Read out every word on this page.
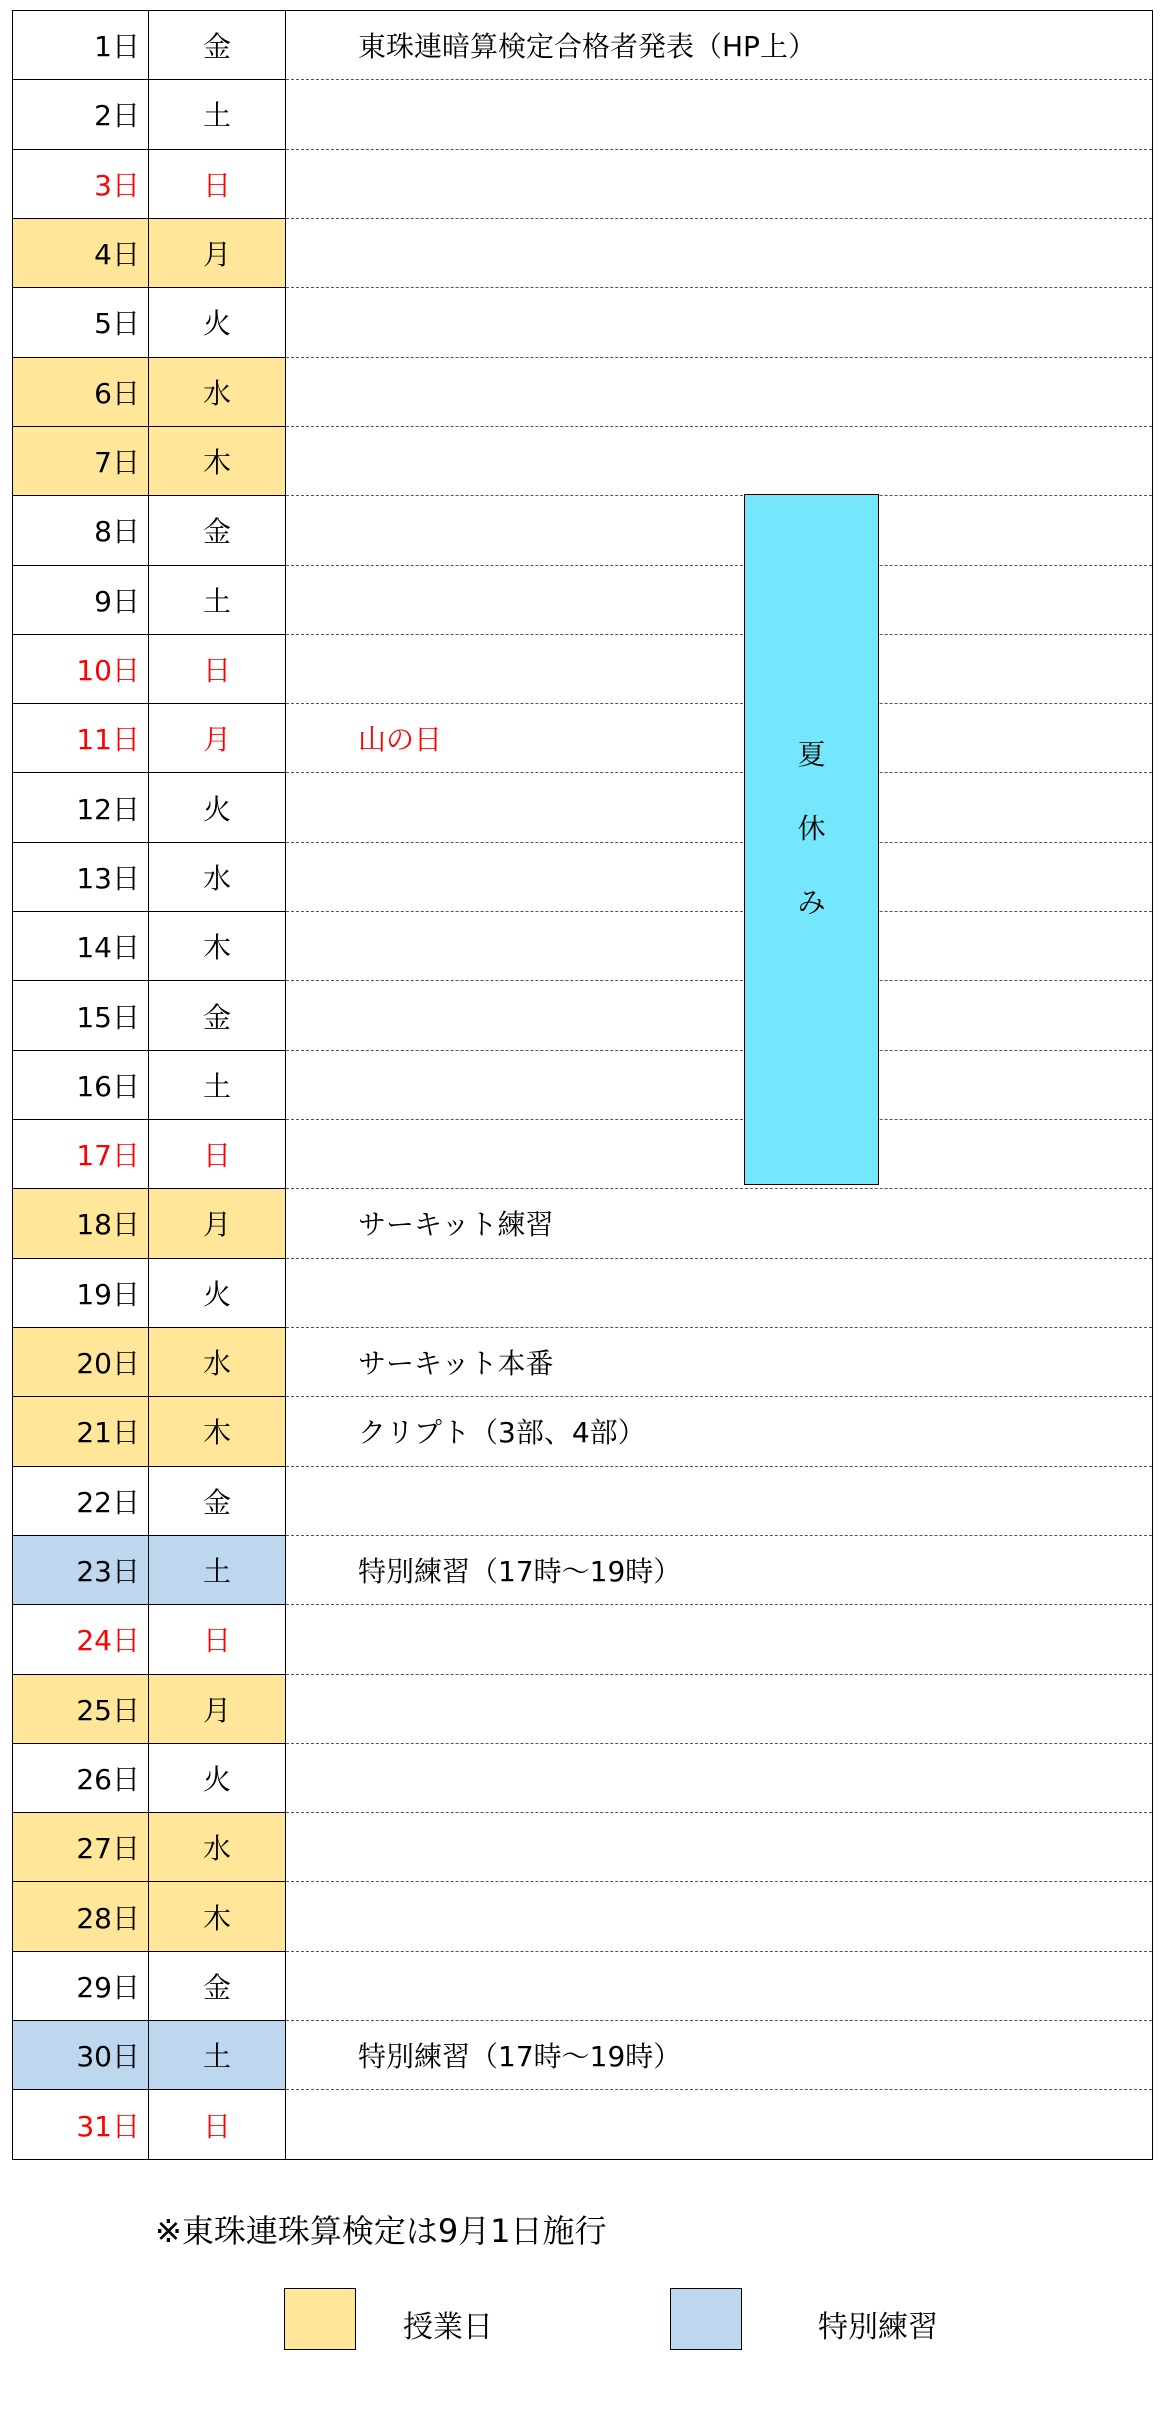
1日	金	東珠連暗算検定合格者発表（HP上）
2日	土	
3日	日	
4日	月	
5日	火	
6日	水	
7日	木	
8日	金	
9日	土	
10日	日	
11日	月	山の日
12日	火	
13日	水	
14日	木	
15日	金	
16日	土	
17日	日	
18日	月	サーキット練習
19日	火	
20日	水	サーキット本番
21日	木	クリプト（3部、4部）
22日	金	
23日	土	特別練習（17時～19時）
24日	日	
25日	月	
26日	火	
27日	水	
28日	木	
29日	金	
30日	土	特別練習（17時～19時）
31日	日	
夏
休
み
※東珠連珠算検定は9月1日施行
授業日	特別練習
